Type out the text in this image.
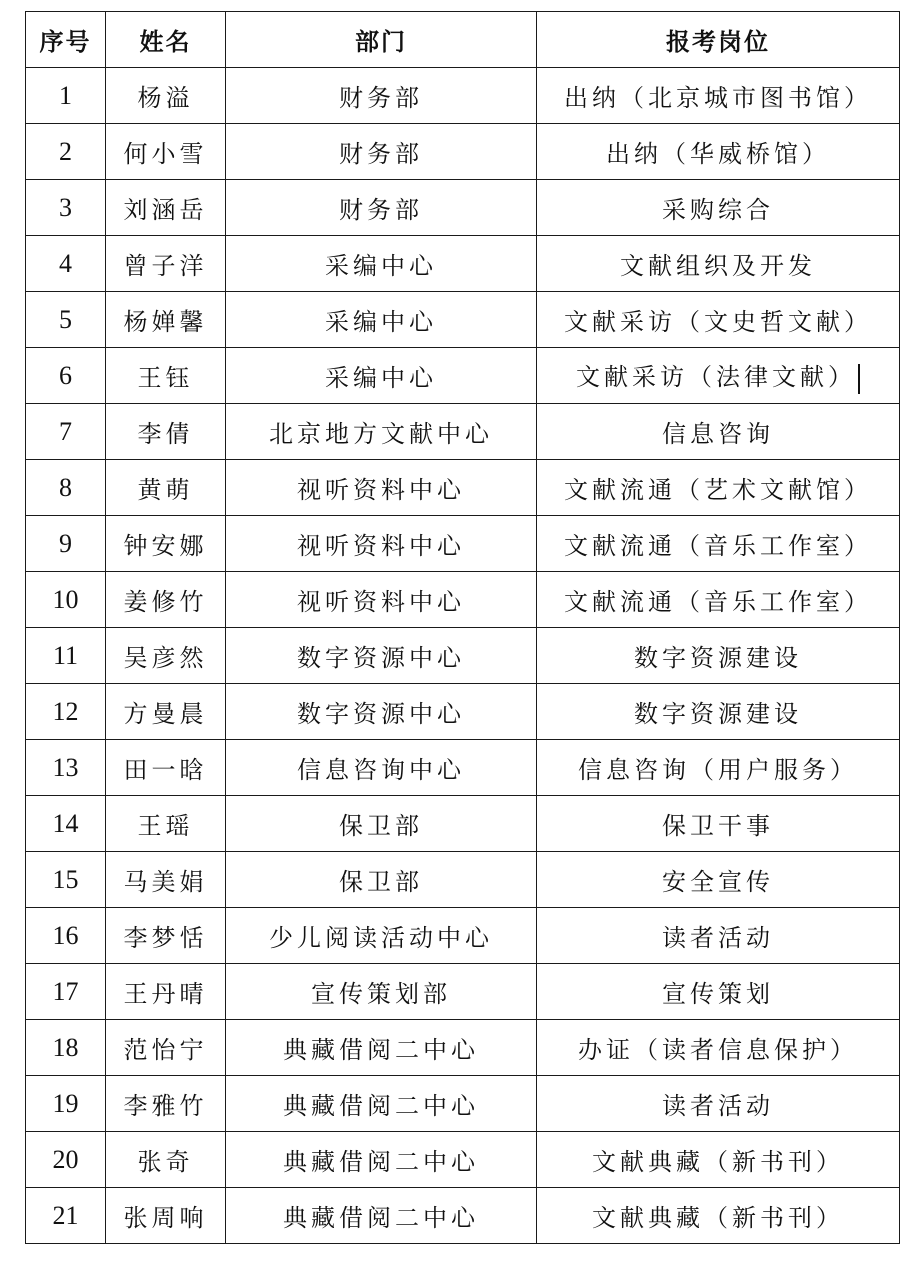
序号	姓名	部门	报考岗位
1	杨溢	财务部	出纳（北京城市图书馆）
2	何小雪	财务部	出纳（华威桥馆）
3	刘涵岳	财务部	采购综合
4	曾子洋	采编中心	文献组织及开发
5	杨婵馨	采编中心	文献采访（文史哲文献）
6	王钰	采编中心	文献采访（法律文献）
7	李倩	北京地方文献中心	信息咨询
8	黄萌	视听资料中心	文献流通（艺术文献馆）
9	钟安娜	视听资料中心	文献流通（音乐工作室）
10	姜修竹	视听资料中心	文献流通（音乐工作室）
11	吴彦然	数字资源中心	数字资源建设
12	方曼晨	数字资源中心	数字资源建设
13	田一晗	信息咨询中心	信息咨询（用户服务）
14	王瑶	保卫部	保卫干事
15	马美娟	保卫部	安全宣传
16	李梦恬	少儿阅读活动中心	读者活动
17	王丹晴	宣传策划部	宣传策划
18	范怡宁	典藏借阅二中心	办证（读者信息保护）
19	李雅竹	典藏借阅二中心	读者活动
20	张奇	典藏借阅二中心	文献典藏（新书刊）
21	张周响	典藏借阅二中心	文献典藏（新书刊）
